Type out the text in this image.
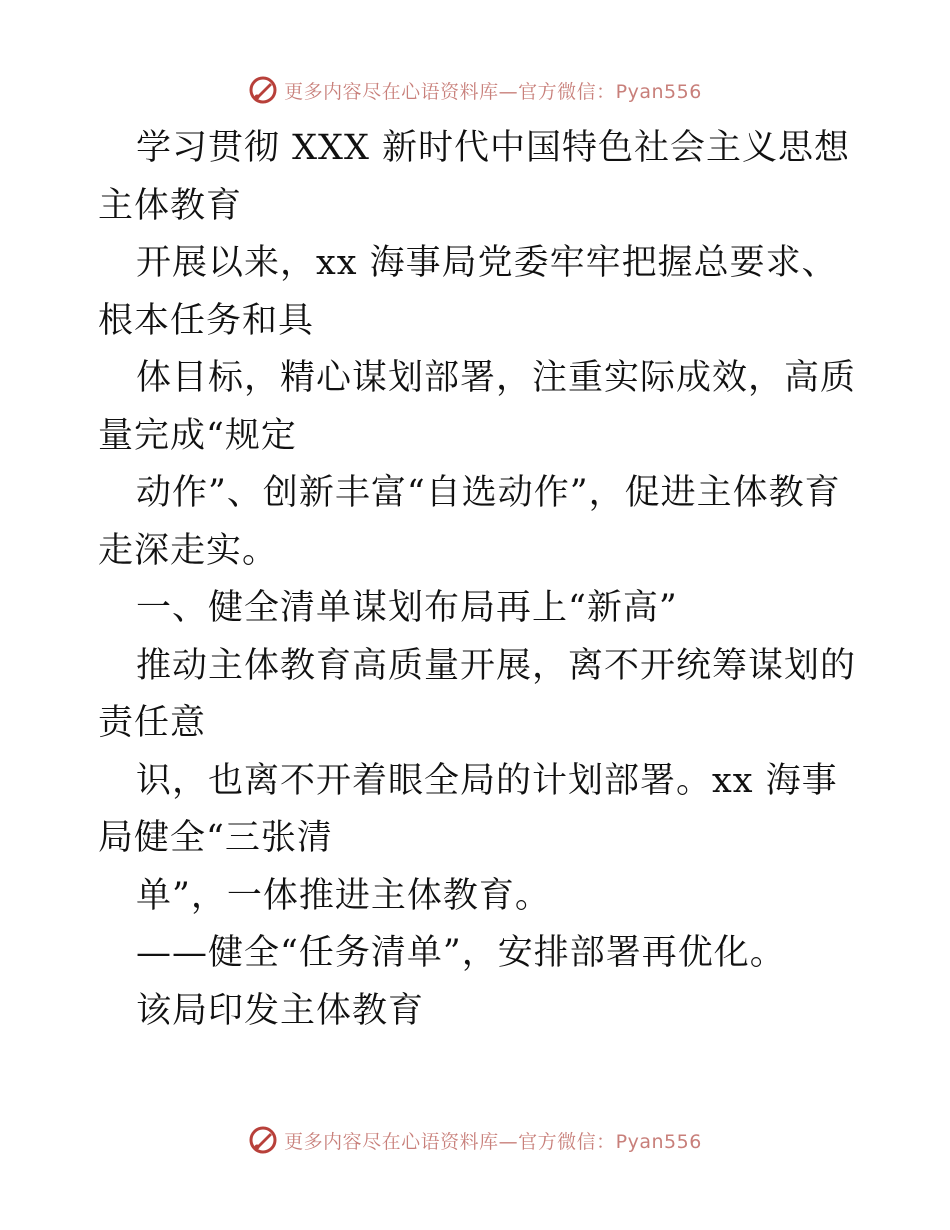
更多内容尽在心语资料库—官方微信：Pyan556

学习贯彻 XXX 新时代中国特色社会主义思想主体教育

开展以来，xx 海事局党委牢牢把握总要求、根本任务和具

体目标，精心谋划部署，注重实际成效，高质量完成“规定

动作”、创新丰富“自选动作”，促进主体教育走深走实。

一、健全清单谋划布局再上“新高”

推动主体教育高质量开展，离不开统筹谋划的责任意

识，也离不开着眼全局的计划部署。xx 海事局健全“三张清

单”，一体推进主体教育。

——健全“任务清单”，安排部署再优化。

该局印发主体教育

更多内容尽在心语资料库—官方微信：Pyan556
